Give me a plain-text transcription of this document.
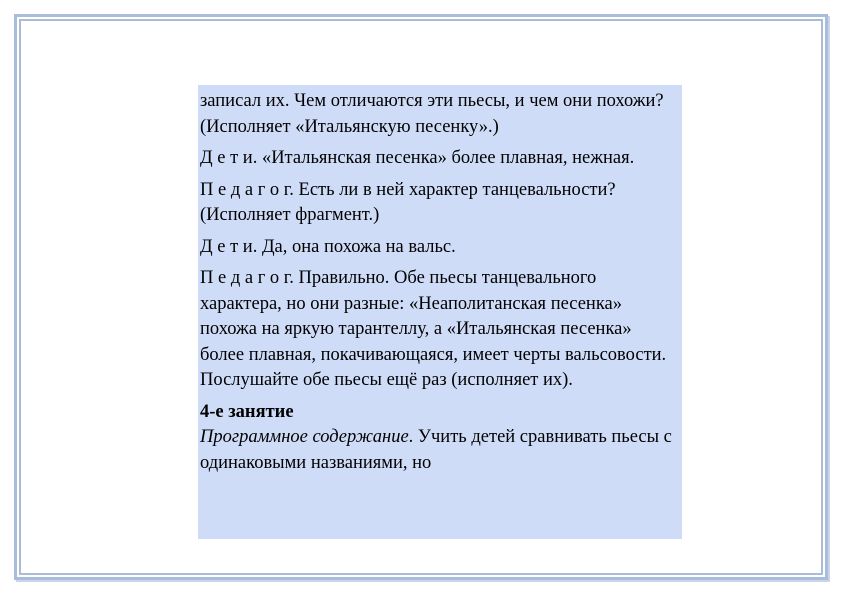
записал их. Чем отличаются эти пьесы, и чем они похожи? (Исполняет «Итальянскую песенку».)

Д е т и. «Итальянская песенка» более плавная, нежная.

П е д а г о г. Есть ли в ней характер танцевальности? (Исполняет фрагмент.)

Д е т и. Да, она похожа на вальс.

П е д а г о г. Правильно. Обе пьесы танцевального характера, но они разные: «Неаполитанская песенка» похожа на яркую тарантеллу, а «Итальянская песенка» более плавная, покачивающаяся, имеет черты вальсовости. Послушайте обе пьесы ещё раз (исполняет их).

4-е занятие

Программное содержание. Учить детей сравнивать пьесы с одинаковыми названиями, но
